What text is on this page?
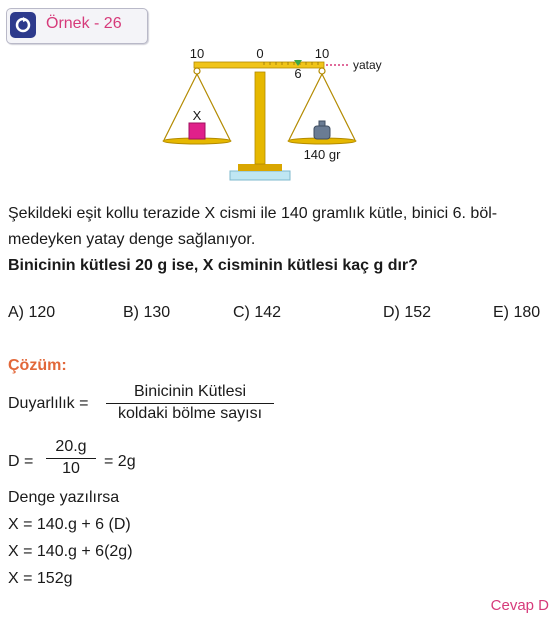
Örnek - 26
10	0	10
6
yatay
X
140 gr
Şekildeki eşit kollu terazide X cismi ile 140 gramlık kütle, binici 6. böl-
medeyken yatay denge sağlanıyor.
Binicinin kütlesi 20 g ise, X cisminin kütlesi kaç g dır?
A) 120	B) 130	C) 142	D) 152	E) 180
Çözüm:
Duyarlılık =
Binicinin Kütlesi
koldaki bölme sayısı
D =
20.g
10	= 2g
Denge yazılırsa
X = 140.g + 6 (D)
X = 140.g + 6(2g)
X = 152g
Cevap D
